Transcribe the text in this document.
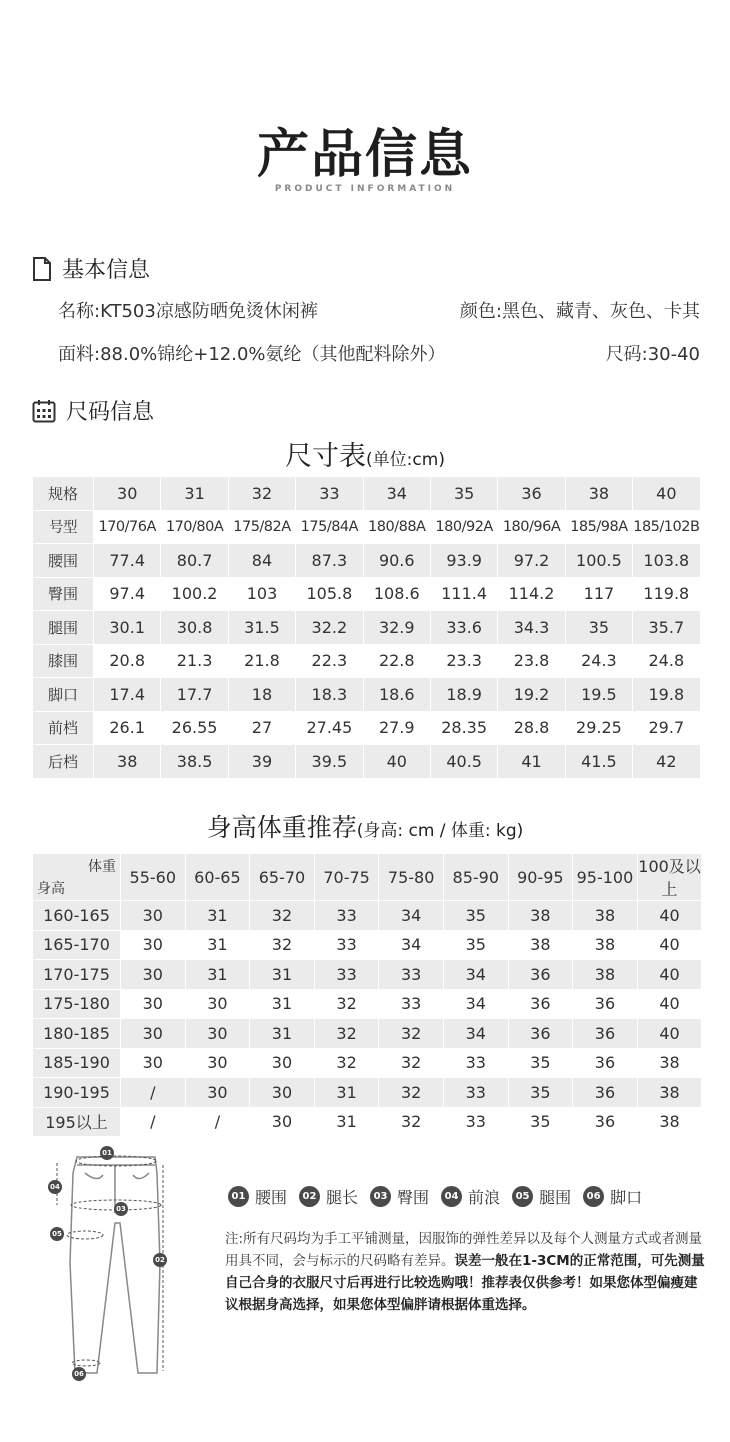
产品信息
PRODUCT INFORMATION
基本信息
名称:KT503凉感防晒免烫休闲裤	颜色:黑色、藏青、灰色、卡其
面料:88.0%锦纶+12.0%氨纶（其他配料除外）	尺码:30-40
尺码信息
尺寸表(单位:cm)
规格	30	31	32	33	34	35	36	38	40
号型	170/76A	170/80A	175/82A	175/84A	180/88A	180/92A	180/96A	185/98A	185/102B
腰围	77.4	80.7	84	87.3	90.6	93.9	97.2	100.5	103.8
臀围	97.4	100.2	103	105.8	108.6	111.4	114.2	117	119.8
腿围	30.1	30.8	31.5	32.2	32.9	33.6	34.3	35	35.7
膝围	20.8	21.3	21.8	22.3	22.8	23.3	23.8	24.3	24.8
脚口	17.4	17.7	18	18.3	18.6	18.9	19.2	19.5	19.8
前档	26.1	26.55	27	27.45	27.9	28.35	28.8	29.25	29.7
后档	38	38.5	39	39.5	40	40.5	41	41.5	42
身高体重推荐(身高: cm / 体重: kg)
体重
身高	55-60	60-65	65-70	70-75	75-80	85-90	90-95	95-100	100及以上
160-165	30	31	32	33	34	35	38	38	40
165-170	30	31	32	33	34	35	38	38	40
170-175	30	31	31	33	33	34	36	38	40
175-180	30	30	31	32	33	34	36	36	40
180-185	30	30	31	32	32	34	36	36	40
185-190	30	30	30	32	32	33	35	36	38
190-195	/	30	30	31	32	33	35	36	38
195以上	/	/	30	31	32	33	35	36	38
01
02
03
04
05
06
01 腰围	02 腿长	03 臀围	04 前浪	05 腿围	06 脚口
注:所有尺码均为手工平铺测量，因服饰的弹性差异以及每个人测量方式或者测量用具不同，会与标示的尺码略有差异。误差一般在1-3CM的正常范围，可先测量自己合身的衣服尺寸后再进行比较选购哦！推荐表仅供参考！如果您体型偏瘦建议根据身高选择，如果您体型偏胖请根据体重选择。
